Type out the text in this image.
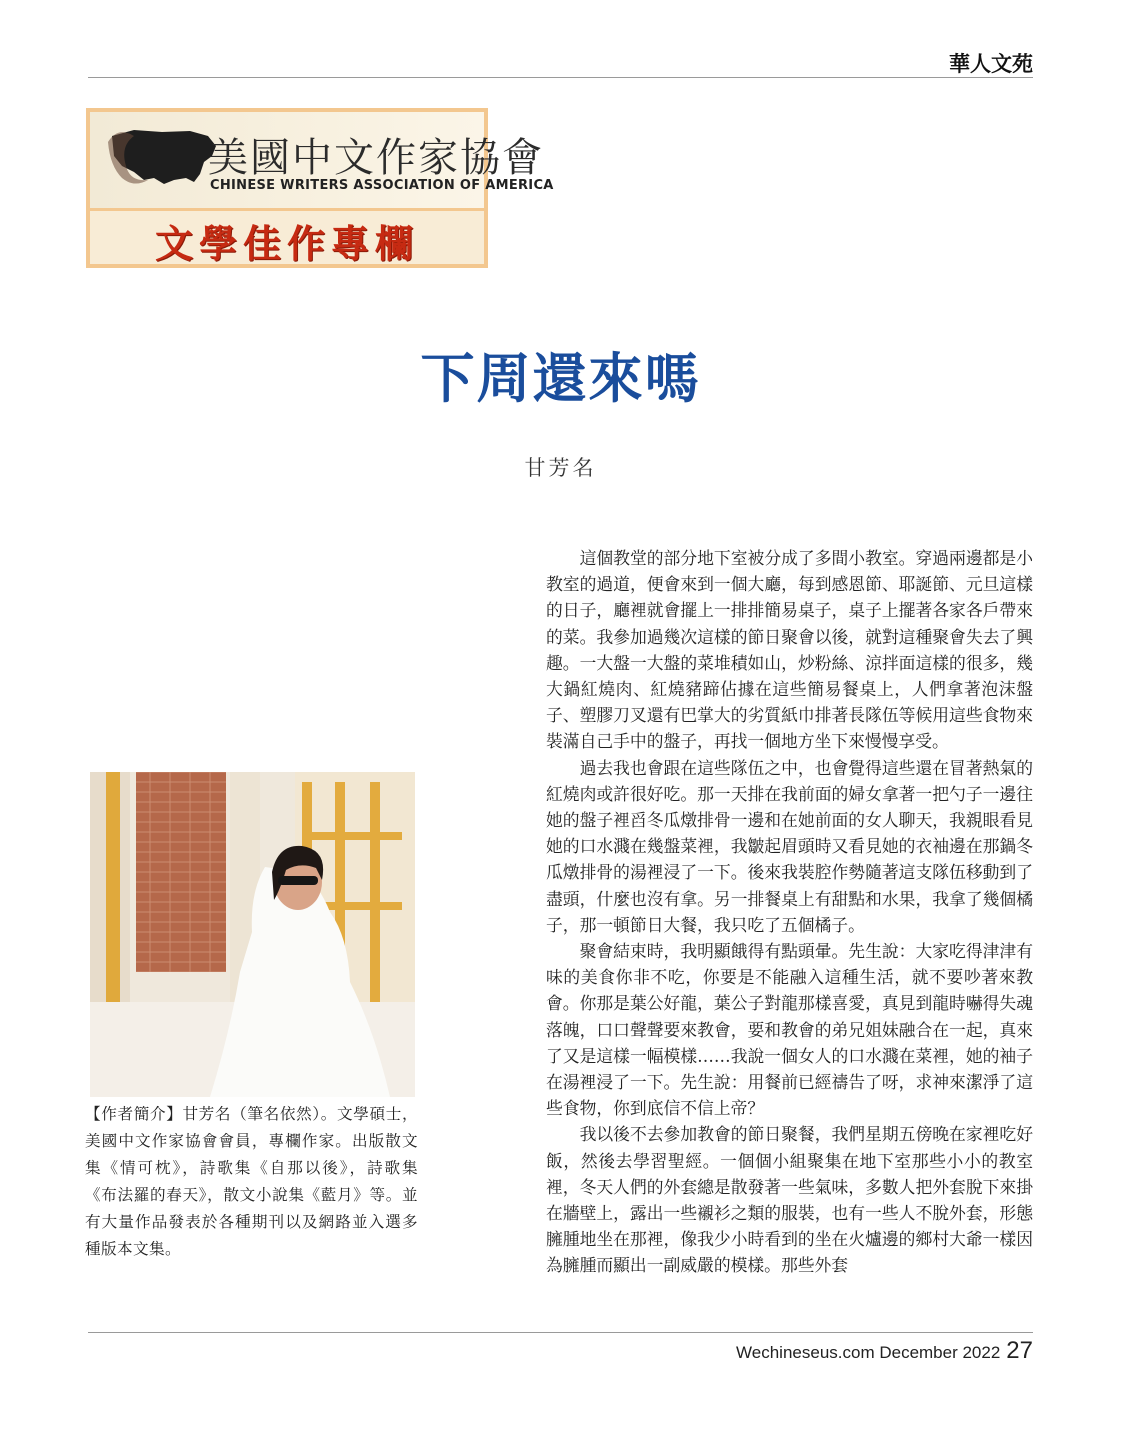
華人文苑
美國中文作家協會
CHINESE WRITERS ASSOCIATION OF AMERICA
文學佳作專欄
下周還來嗎
甘芳名
【作者簡介】甘芳名（筆名依然）。文學碩士，美國中文作家協會會員，專欄作家。出版散文集《情可枕》，詩歌集《自那以後》，詩歌集《布法羅的春天》，散文小說集《藍月》等。並有大量作品發表於各種期刊以及網路並入選多種版本文集。

這個教堂的部分地下室被分成了多間小教室。穿過兩邊都是小教室的過道，便會來到一個大廳，每到感恩節、耶誕節、元旦這樣的日子，廳裡就會擺上一排排簡易桌子，桌子上擺著各家各戶帶來的菜。我參加過幾次這樣的節日聚會以後，就對這種聚會失去了興趣。一大盤一大盤的菜堆積如山，炒粉絲、涼拌面這樣的很多，幾大鍋紅燒肉、紅燒豬蹄佔據在這些簡易餐桌上，人們拿著泡沫盤子、塑膠刀叉還有巴掌大的劣質紙巾排著長隊伍等候用這些食物來裝滿自己手中的盤子，再找一個地方坐下來慢慢享受。

過去我也會跟在這些隊伍之中，也會覺得這些還在冒著熱氣的紅燒肉或許很好吃。那一天排在我前面的婦女拿著一把勺子一邊往她的盤子裡舀冬瓜燉排骨一邊和在她前面的女人聊天，我親眼看見她的口水濺在幾盤菜裡，我皺起眉頭時又看見她的衣袖邊在那鍋冬瓜燉排骨的湯裡浸了一下。後來我裝腔作勢隨著這支隊伍移動到了盡頭，什麼也沒有拿。另一排餐桌上有甜點和水果，我拿了幾個橘子，那一頓節日大餐，我只吃了五個橘子。

聚會結束時，我明顯餓得有點頭暈。先生說：大家吃得津津有味的美食你非不吃，你要是不能融入這種生活，就不要吵著來教會。你那是葉公好龍，葉公子對龍那樣喜愛，真見到龍時嚇得失魂落魄，口口聲聲要來教會，要和教會的弟兄姐妹融合在一起，真來了又是這樣一幅模樣……我說一個女人的口水濺在菜裡，她的袖子在湯裡浸了一下。先生說：用餐前已經禱告了呀，求神來潔淨了這些食物，你到底信不信上帝？

我以後不去參加教會的節日聚餐，我們星期五傍晚在家裡吃好飯，然後去學習聖經。一個個小組聚集在地下室那些小小的教室裡，冬天人們的外套總是散發著一些氣味，多數人把外套脫下來掛在牆壁上，露出一些襯衫之類的服裝，也有一些人不脫外套，形態臃腫地坐在那裡，像我少小時看到的坐在火爐邊的鄉村大爺一樣因為臃腫而顯出一副威嚴的模樣。那些外套

Wechineseus.com December 2022 27
